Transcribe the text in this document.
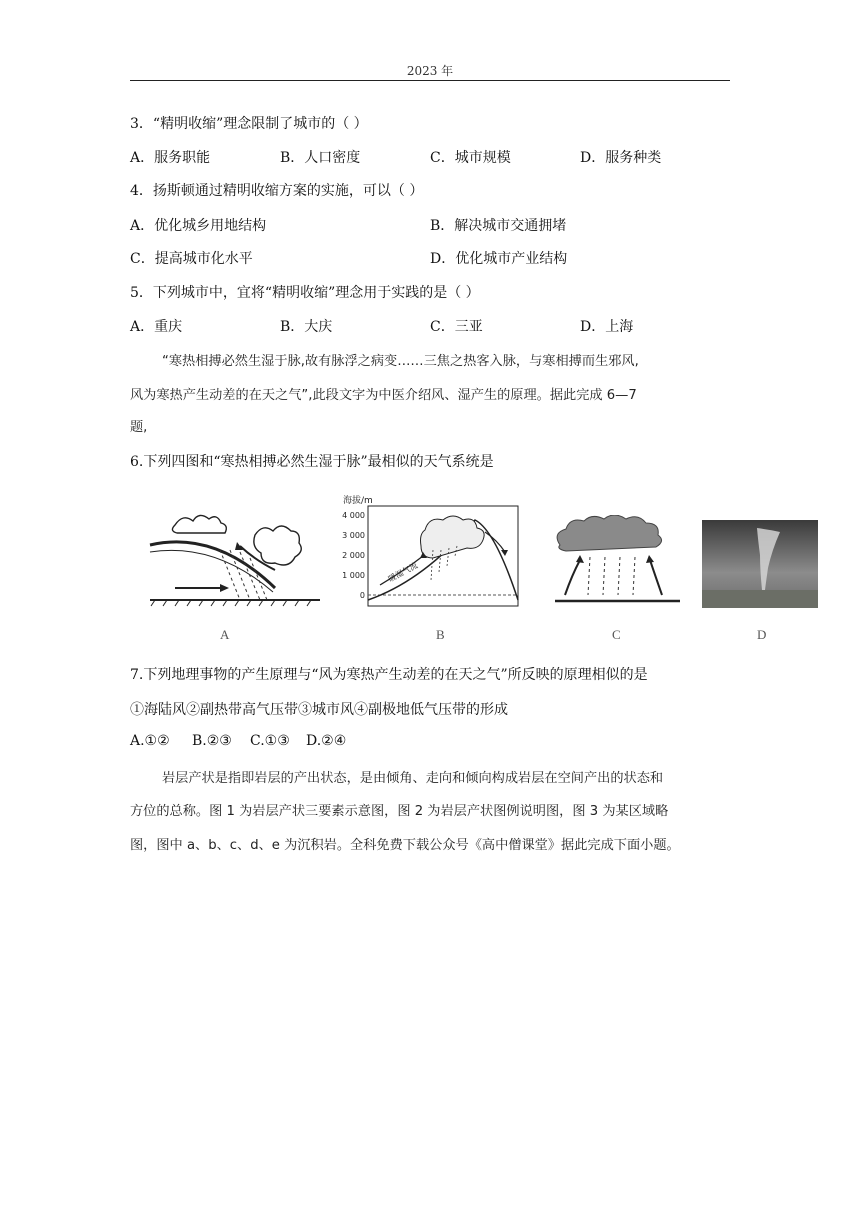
2023 年
3．“精明收缩”理念限制了城市的（ ）
A．服务职能	B．人口密度	C．城市规模	D．服务种类
4．扬斯顿通过精明收缩方案的实施，可以（ ）
A．优化城乡用地结构	B．解决城市交通拥堵
C．提高城市化水平	D．优化城市产业结构
5．下列城市中，宜将“精明收缩”理念用于实践的是（ ）
A．重庆	B．大庆	C．三亚	D．上海
“寒热相搏必然生湿于脉,故有脉浮之病变……三焦之热客入脉，与寒相搏而生邪风,
风为寒热产生动差的在天之气”,此段文字为中医介绍风、湿产生的原理。据此完成 6—7
题,
6.下列四图和“寒热相搏必然生湿于脉”最相似的天气系统是
海拔/m
4 000
3 000
2 000
1 000
0
暖湿气流
A	B	C	D
7.下列地理事物的产生原理与“风为寒热产生动差的在天之气”所反映的原理相似的是
①海陆风②副热带高气压带③城市风④副极地低气压带的形成
A.①② B.②③ C.①③ D.②④
岩层产状是指即岩层的产出状态，是由倾角、走向和倾向构成岩层在空间产出的状态和
方位的总称。图 1 为岩层产状三要素示意图，图 2 为岩层产状图例说明图，图 3 为某区域略
图，图中 a、b、c、d、e 为沉积岩。全科免费下载公众号《高中僧课堂》据此完成下面小题。
